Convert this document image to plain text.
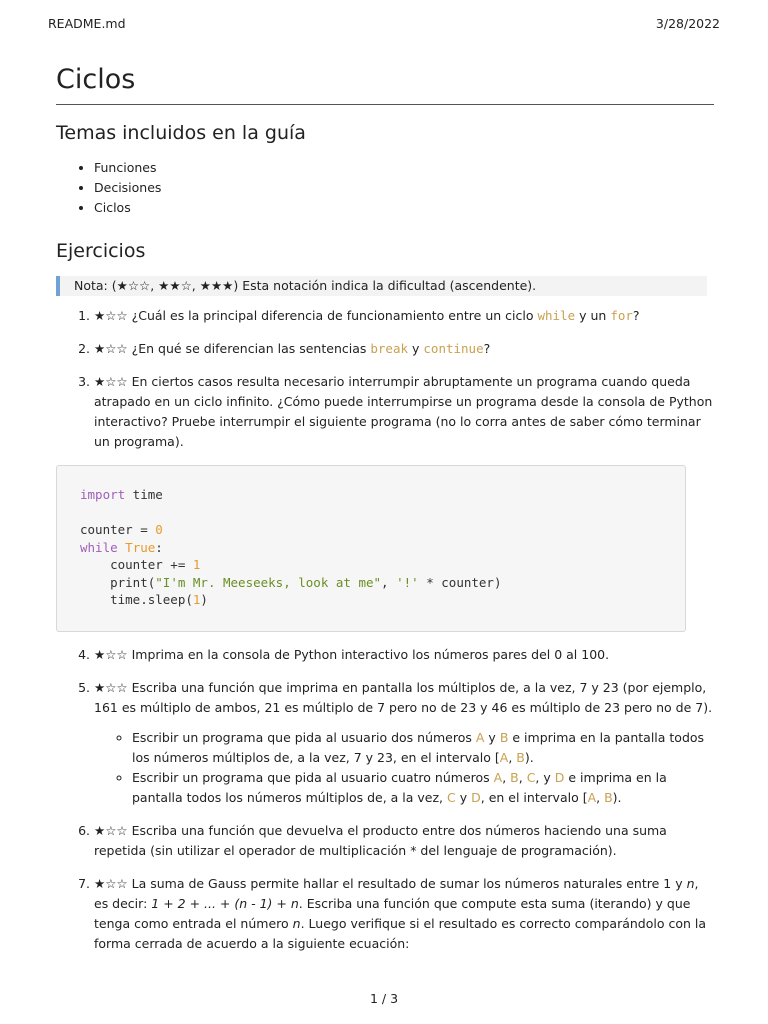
README.md	3/28/2022
Ciclos
Temas incluidos en la guía
• Funciones
• Decisiones
• Ciclos
Ejercicios
Nota: (★☆☆, ★★☆, ★★★) Esta notación indica la dificultad (ascendente).
1. ★☆☆ ¿Cuál es la principal diferencia de funcionamiento entre un ciclo while y un for?
2. ★☆☆ ¿En qué se diferencian las sentencias break y continue?
3. ★☆☆ En ciertos casos resulta necesario interrumpir abruptamente un programa cuando queda atrapado en un ciclo infinito. ¿Cómo puede interrumpirse un programa desde la consola de Python interactivo? Pruebe interrumpir el siguiente programa (no lo corra antes de saber cómo terminar un programa).
import time

counter = 0
while True:
counter += 1
print("I'm Mr. Meeseeks, look at me", '!' * counter)
time.sleep(1)
4. ★☆☆ Imprima en la consola de Python interactivo los números pares del 0 al 100.
5. ★☆☆ Escriba una función que imprima en pantalla los múltiplos de, a la vez, 7 y 23 (por ejemplo, 161 es múltiplo de ambos, 21 es múltiplo de 7 pero no de 23 y 46 es múltiplo de 23 pero no de 7).
◦ Escribir un programa que pida al usuario dos números A y B e imprima en la pantalla todos los números múltiplos de, a la vez, 7 y 23, en el intervalo [A, B).
◦ Escribir un programa que pida al usuario cuatro números A, B, C, y D e imprima en la pantalla todos los números múltiplos de, a la vez, C y D, en el intervalo [A, B).
6. ★☆☆ Escriba una función que devuelva el producto entre dos números haciendo una suma repetida (sin utilizar el operador de multiplicación * del lenguaje de programación).
7. ★☆☆ La suma de Gauss permite hallar el resultado de sumar los números naturales entre 1 y n, es decir: 1 + 2 + ... + (n - 1) + n. Escriba una función que compute esta suma (iterando) y que tenga como entrada el número n. Luego verifique si el resultado es correcto comparándolo con la forma cerrada de acuerdo a la siguiente ecuación:
1 / 3
